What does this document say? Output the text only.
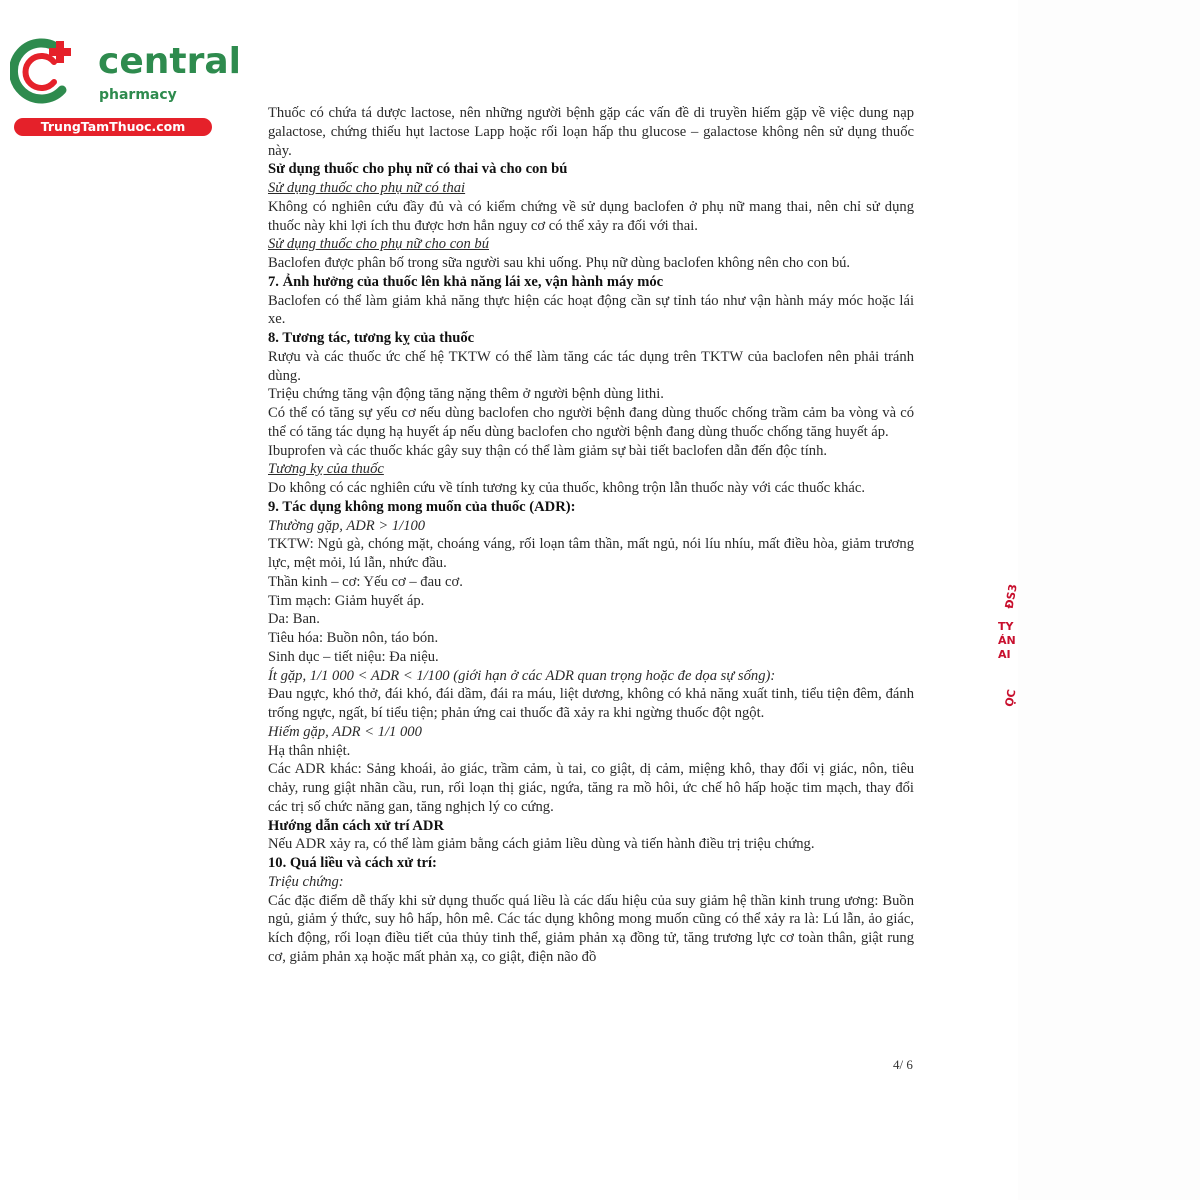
central
pharmacy
TrungTamThuoc.com

Thuốc có chứa tá dược lactose, nên những người bệnh gặp các vấn đề di truyền hiếm gặp về việc dung nạp galactose, chứng thiếu hụt lactose Lapp hoặc rối loạn hấp thu glucose – galactose không nên sử dụng thuốc này.

Sử dụng thuốc cho phụ nữ có thai và cho con bú

Sử dụng thuốc cho phụ nữ có thai

Không có nghiên cứu đầy đủ và có kiểm chứng về sử dụng baclofen ở phụ nữ mang thai, nên chỉ sử dụng thuốc này khi lợi ích thu được hơn hẳn nguy cơ có thể xảy ra đối với thai.

Sử dụng thuốc cho phụ nữ cho con bú

Baclofen được phân bố trong sữa người sau khi uống. Phụ nữ dùng baclofen không nên cho con bú.

7. Ảnh hưởng của thuốc lên khả năng lái xe, vận hành máy móc

Baclofen có thể làm giảm khả năng thực hiện các hoạt động cần sự tỉnh táo như vận hành máy móc hoặc lái xe.

8. Tương tác, tương kỵ của thuốc

Rượu và các thuốc ức chế hệ TKTW có thể làm tăng các tác dụng trên TKTW của baclofen nên phải tránh dùng.

Triệu chứng tăng vận động tăng nặng thêm ở người bệnh dùng lithi.

Có thể có tăng sự yếu cơ nếu dùng baclofen cho người bệnh đang dùng thuốc chống trầm cảm ba vòng và có thể có tăng tác dụng hạ huyết áp nếu dùng baclofen cho người bệnh đang dùng thuốc chống tăng huyết áp.

Ibuprofen và các thuốc khác gây suy thận có thể làm giảm sự bài tiết baclofen dẫn đến độc tính.

Tương kỵ của thuốc

Do không có các nghiên cứu về tính tương kỵ của thuốc, không trộn lẫn thuốc này với các thuốc khác.

9. Tác dụng không mong muốn của thuốc (ADR):

Thường gặp, ADR > 1/100

TKTW: Ngủ gà, chóng mặt, choáng váng, rối loạn tâm thần, mất ngủ, nói líu nhíu, mất điều hòa, giảm trương lực, mệt mỏi, lú lẫn, nhức đầu.

Thần kinh – cơ: Yếu cơ – đau cơ.

Tim mạch: Giảm huyết áp.

Da: Ban.

Tiêu hóa: Buồn nôn, táo bón.

Sinh dục – tiết niệu: Đa niệu.

Ít gặp, 1/1 000 < ADR < 1/100 (giới hạn ở các ADR quan trọng hoặc đe dọa sự sống):

Đau ngực, khó thở, đái khó, đái dầm, đái ra máu, liệt dương, không có khả năng xuất tinh, tiểu tiện đêm, đánh trống ngực, ngất, bí tiểu tiện; phản ứng cai thuốc đã xảy ra khi ngừng thuốc đột ngột.

Hiếm gặp, ADR < 1/1 000

Hạ thân nhiệt.

Các ADR khác: Sảng khoái, ảo giác, trầm cảm, ù tai, co giật, dị cảm, miệng khô, thay đổi vị giác, nôn, tiêu chảy, rung giật nhãn cầu, run, rối loạn thị giác, ngứa, tăng ra mồ hôi, ức chế hô hấp hoặc tim mạch, thay đổi các trị số chức năng gan, tăng nghịch lý co cứng.

Hướng dẫn cách xử trí ADR

Nếu ADR xảy ra, có thể làm giảm bằng cách giảm liều dùng và tiến hành điều trị triệu chứng.

10. Quá liều và cách xử trí:

Triệu chứng:

Các đặc điểm dễ thấy khi sử dụng thuốc quá liều là các dấu hiệu của suy giảm hệ thần kinh trung ương: Buồn ngủ, giảm ý thức, suy hô hấp, hôn mê. Các tác dụng không mong muốn cũng có thể xảy ra là: Lú lẫn, ảo giác, kích động, rối loạn điều tiết của thủy tinh thể, giảm phản xạ đồng tử, tăng trương lực cơ toàn thân, giật rung cơ, giảm phản xạ hoặc mất phản xạ, co giật, điện não đồ

4/ 6
ĐS3
TY
ÁN
AI
ỌC
